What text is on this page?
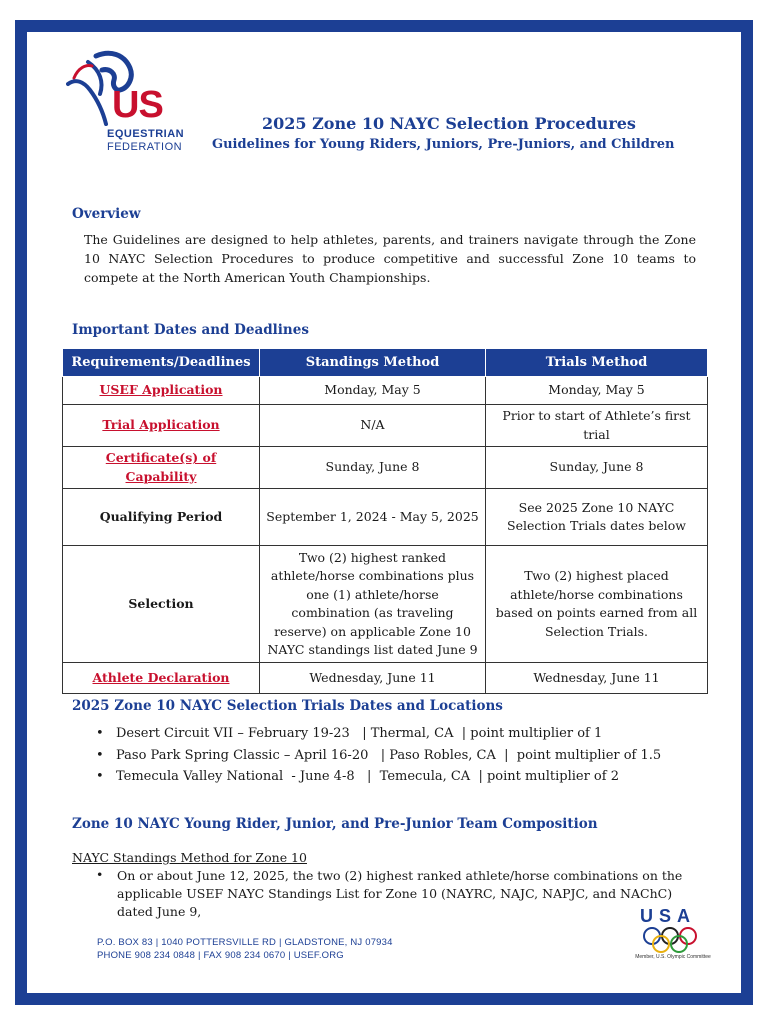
US
EQUESTRIAN
FEDERATION
2025 Zone 10 NAYC Selection Procedures
Guidelines for Young Riders, Juniors, Pre-Juniors, and Children
Overview
The Guidelines are designed to help athletes, parents, and trainers navigate through the Zone 10 NAYC Selection Procedures to produce competitive and successful Zone 10 teams to compete at the North American Youth Championships.
Important Dates and Deadlines
Requirements/Deadlines	Standings Method	Trials Method
USEF Application	Monday, May 5	Monday, May 5
Trial Application	N/A	Prior to start of Athlete’s first trial
Certificate(s) of Capability	Sunday, June 8	Sunday, June 8
Qualifying Period	September 1, 2024 - May 5, 2025	See 2025 Zone 10 NAYC Selection Trials dates below
Selection	Two (2) highest ranked athlete/horse combinations plus one (1) athlete/horse combination (as traveling reserve) on applicable Zone 10 NAYC standings list dated June 9	Two (2) highest placed athlete/horse combinations based on points earned from all Selection Trials.
Athlete Declaration	Wednesday, June 11	Wednesday, June 11
2025 Zone 10 NAYC Selection Trials Dates and Locations
• Desert Circuit VII – February 19-23   | Thermal, CA  | point multiplier of 1
• Paso Park Spring Classic – April 16-20   | Paso Robles, CA  |  point multiplier of 1.5
• Temecula Valley National  - June 4-8   |  Temecula, CA  | point multiplier of 2
Zone 10 NAYC Young Rider, Junior, and Pre-Junior Team Composition
NAYC Standings Method for Zone 10
• On or about June 12, 2025, the two (2) highest ranked athlete/horse combinations on the applicable USEF NAYC Standings List for Zone 10 (NAYRC, NAJC, NAPJC, and NAChC) dated June 9,
P.O. BOX 83 | 1040 POTTERSVILLE RD | GLADSTONE, NJ 07934
PHONE 908 234 0848 | FAX 908 234 0670 | USEF.ORG
USA
Member, U.S. Olympic Committee
